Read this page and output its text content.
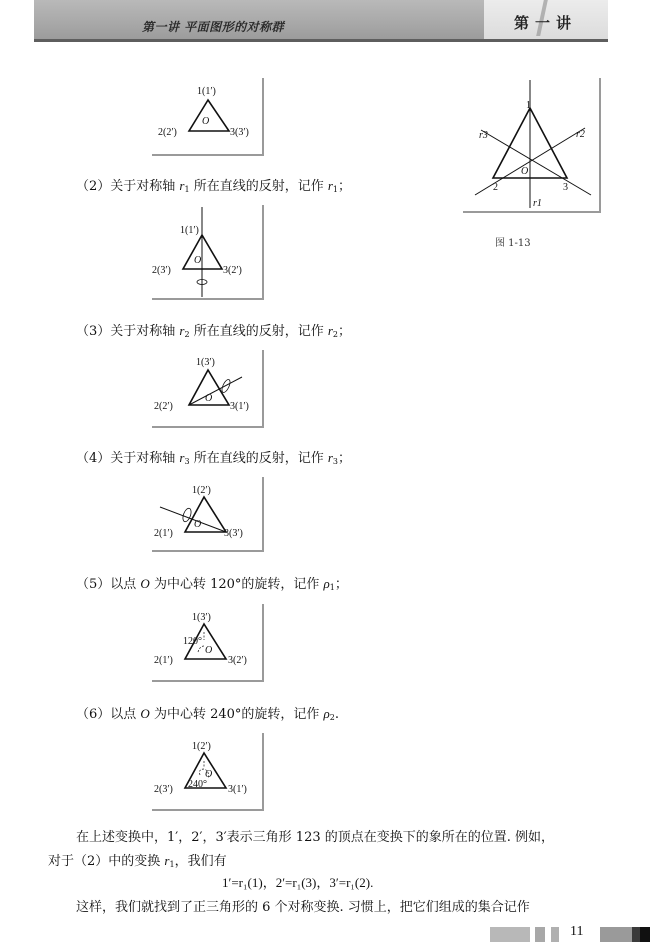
第一讲 平面图形的对称群	第一讲
1(1′)
2(2′)	3(3′)
O
1
2	3
O
r1
r2
r3
图 1-13
（2）关于对称轴 $r_1$ 所在直线的反射，记作 $r_1$；
1(1′)
2(3′)	3(2′)
O
（3）关于对称轴 $r_2$ 所在直线的反射，记作 $r_2$；
1(3′)
2(2′)	3(1′)
O
（4）关于对称轴 $r_3$ 所在直线的反射，记作 $r_3$；
1(2′)
2(1′)	3(3′)
O
（5）以点 O 为中心转 120°的旋转，记作 $\rho_1$；
1(3′)
2(1′)	3(2′)
O
120°
（6）以点 O 为中心转 240°的旋转，记作 $\rho_2$.
1(2′)
2(3′)	3(1′)
O
240°
在上述变换中，1′，2′，3′表示三角形 123 的顶点在变换下的象所在的位置. 例如，
对于（2）中的变换 $r_1$，我们有
1′=r₁(1)，2′=r₁(3)，3′=r₁(2).
这样，我们就找到了正三角形的 6 个对称变换. 习惯上，把它们组成的集合记作
11
